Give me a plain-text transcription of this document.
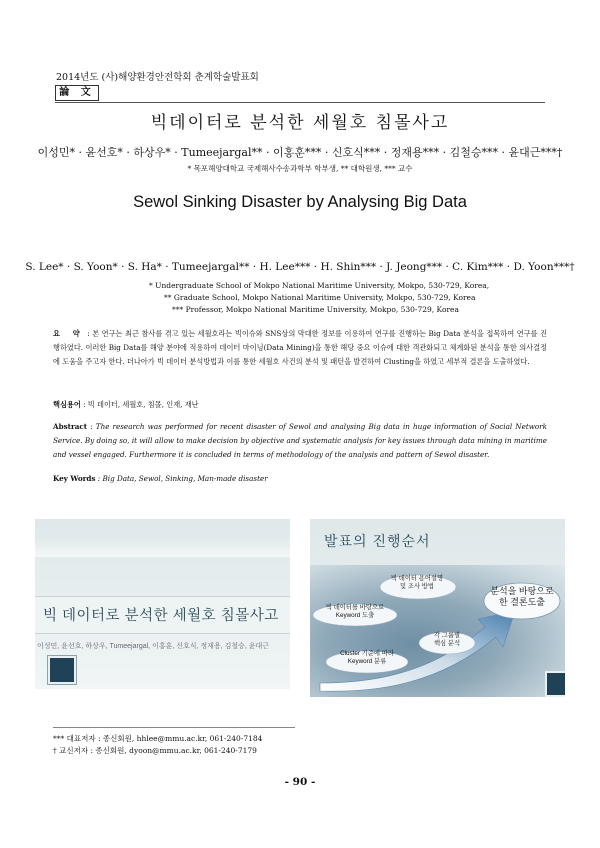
2014년도 (사)해양환경안전학회 춘계학술발표회
論 文
빅데이터로 분석한 세월호 침몰사고
이성민* · 윤선호* · 하상우* · Tumeejargal** · 이홍훈*** · 신호식*** · 정재용*** · 김철승*** · 윤대근***†
* 목포해양대학교 국제해사수송과학부 학부생, ** 대학원생, *** 교수
Sewol Sinking Disaster by Analysing Big Data
S. Lee* · S. Yoon* · S. Ha* · Tumeejargal** · H. Lee*** · H. Shin*** · J. Jeong*** · C. Kim*** · D. Yoon***†
* Undergraduate School of Mokpo National Maritime University, Mokpo, 530-729, Korea,
** Graduate School, Mokpo National Maritime University, Mokpo, 530-729, Korea
*** Professor, Mokpo National Maritime University, Mokpo, 530-729, Korea
요 약 : 본 연구는 최근 참사를 겪고 있는 세월호라는 빅이슈와 SNS상의 막대한 정보를 이용하여 연구를 진행하는 Big Data 분석을 접목하여 연구를 진행하였다. 이러한 Big Data를 해양 분야에 적용하여 데이터 마이닝(Data Mining)을 통한 해당 중요 이슈에 대한 객관화되고 체계화된 분석을 통한 의사결정에 도움을 주고자 한다. 더나아가 빅 데이터 분석방법과 이를 통한 세월호 사건의 분석 및 패턴을 발견하여 Clusting을 하였고 세부적 결론을 도출하였다.
핵심용어 : 빅 데이터, 세월호, 침몰, 인재, 재난
Abstract : The research was performed for recent disaster of Sewol and analysing Big data in huge information of Social Network Service. By doing so, it will allow to make decision by objective and systematic analysis for key issues through data mining in maritime and vessel engaged. Furthermore it is concluded in terms of methodology of the analysis and pattern of Sewol disaster.
Key Words : Big Data, Sewol, Sinking, Man-made disaster
빅 데이터로 분석한 세월호 침몰사고
이성민, 윤선호, 하상우, Tumeejargal, 이홍훈, 신호식, 정재용, 김철승, 윤대근
발표의 진행순서
빅 데이터 용어설명
및 조사 방법
빅 데이터를 바탕으로
Keyword 도출
각 그룹별
핵심 분석
Cluster 기준에 따라
Keyword 분류
분석을 바탕으로
한 결론도출
*** 대표저자 : 종신회원, hhlee@mmu.ac.kr, 061-240-7184
† 교신저자 : 종신회원, dyoon@mmu.ac.kr, 061-240-7179
- 90 -
